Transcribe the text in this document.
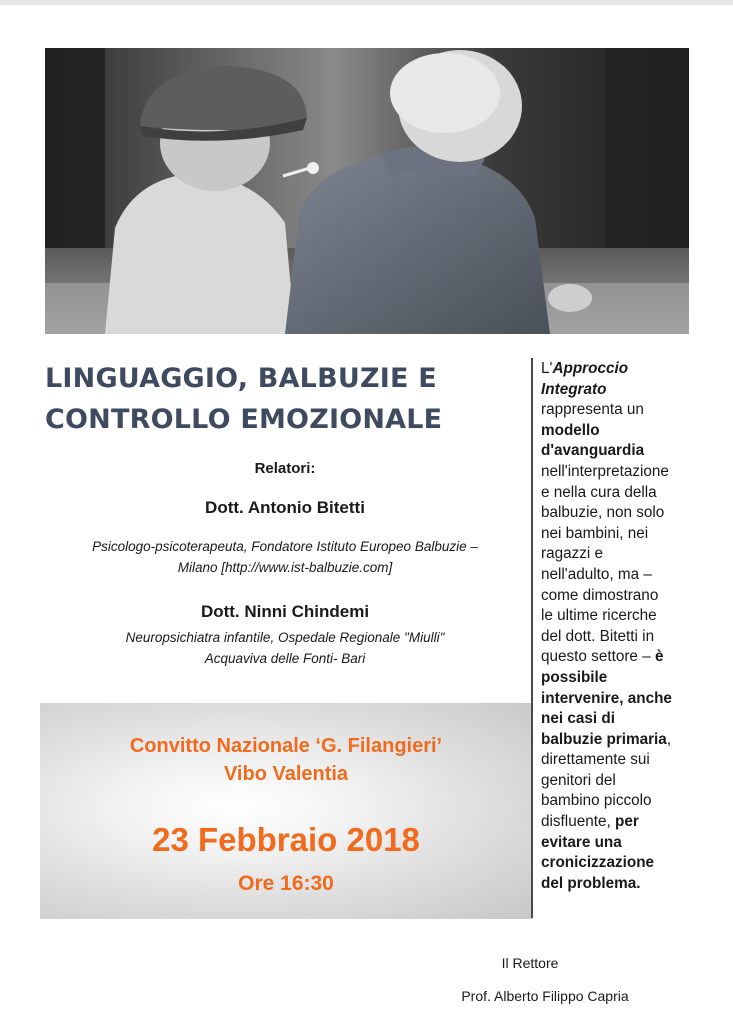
LINGUAGGIO, BALBUZIE E
CONTROLLO EMOZIONALE
Relatori:
Dott. Antonio Bitetti
Psicologo-psicoterapeuta, Fondatore Istituto Europeo Balbuzie –
Milano [http://www.ist-balbuzie.com]
Dott. Ninni Chindemi
Neuropsichiatra infantile, Ospedale Regionale "Miulli"
Acquaviva delle Fonti- Bari
Convitto Nazionale ‘G. Filangieri’
Vibo Valentia
23 Febbraio 2018
Ore 16:30
L'Approccio
Integrato
rappresenta un
modello
d'avanguardia
nell'interpretazione
e nella cura della
balbuzie, non solo
nei bambini, nei
ragazzi e
nell'adulto, ma –
come dimostrano
le ultime ricerche
del dott. Bitetti in
questo settore – è
possibile
intervenire, anche
nei casi di
balbuzie primaria,
direttamente sui
genitori del
bambino piccolo
disfluente, per
evitare una
cronicizzazione
del problema.
Il Rettore
Prof. Alberto Filippo Capria
